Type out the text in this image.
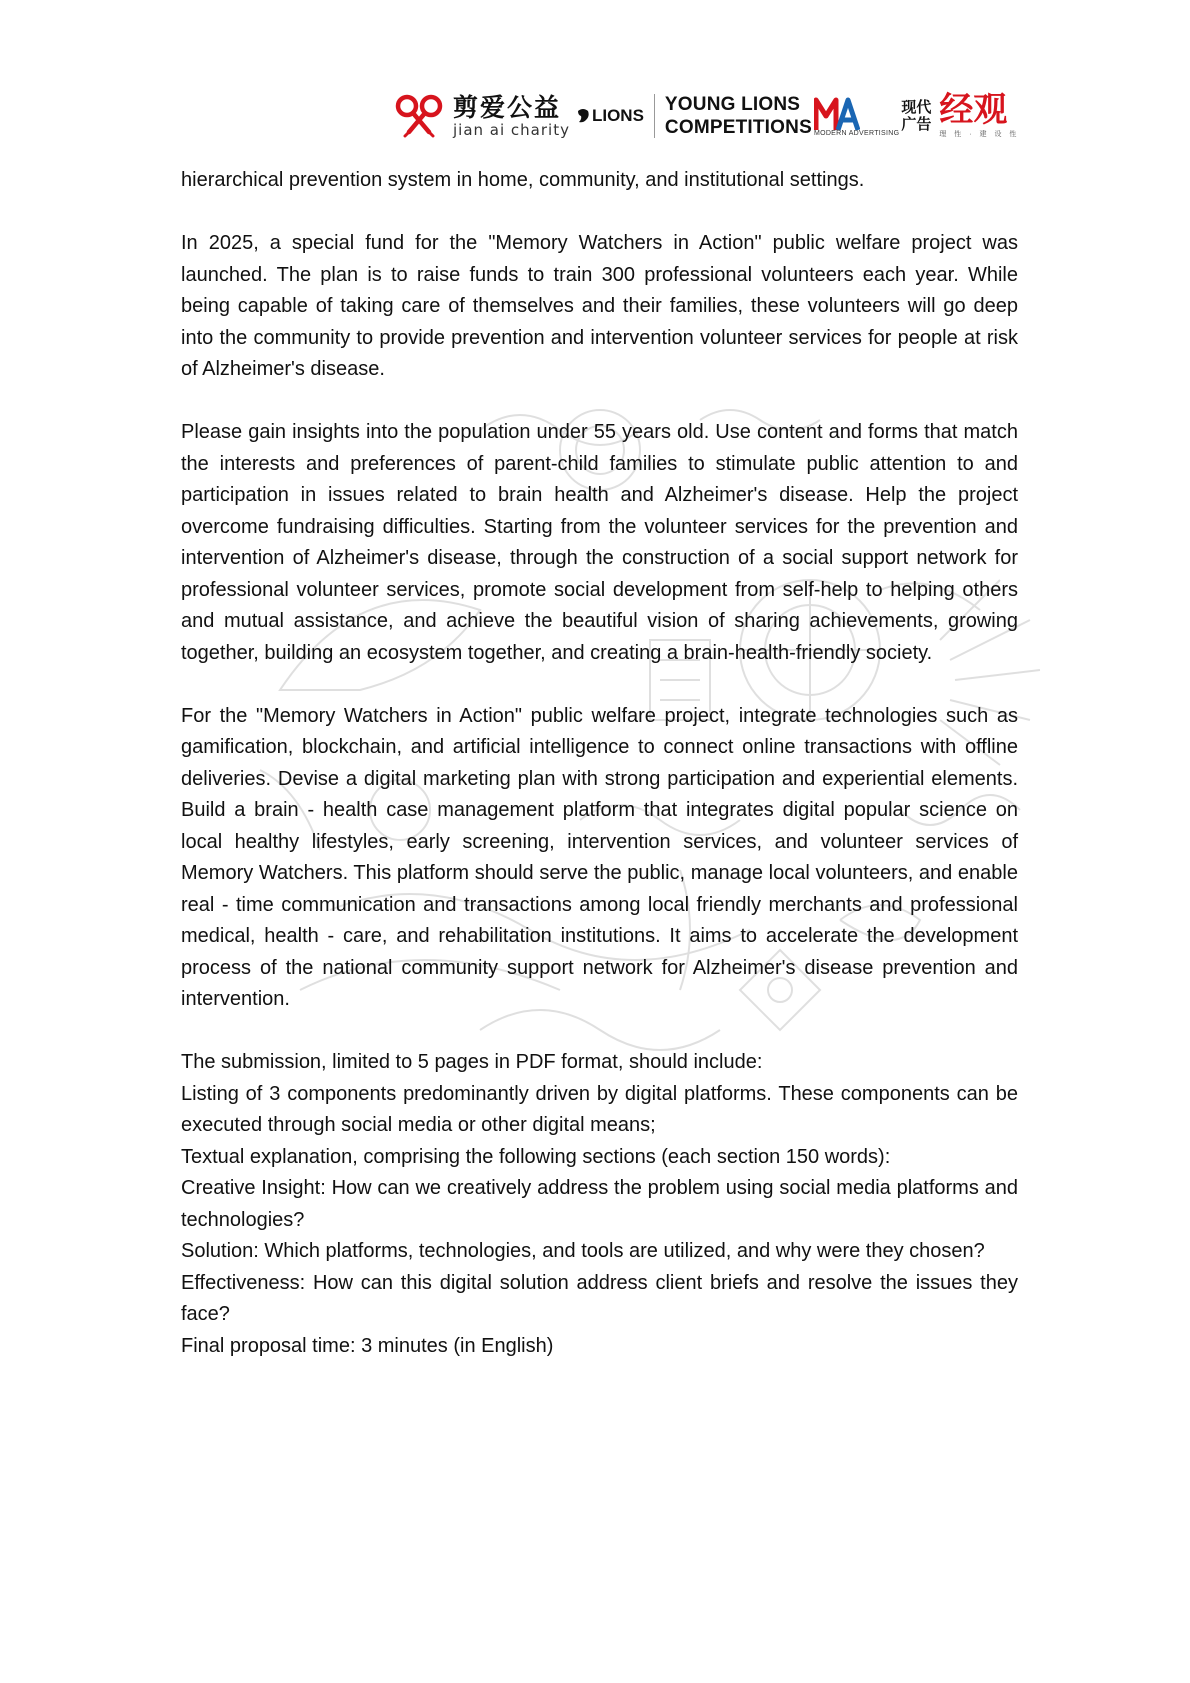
剪爱公益
jian ai charity
LIONS
YOUNG LIONS
COMPETITIONS MODERN ADVERTISING
现代广告 经观
理 性 · 建 设 性

hierarchical prevention system in home, community, and institutional settings.

In 2025, a special fund for the "Memory Watchers in Action" public welfare project was launched. The plan is to raise funds to train 300 professional volunteers each year. While being capable of taking care of themselves and their families, these volunteers will go deep into the community to provide prevention and intervention volunteer services for people at risk of Alzheimer's disease.

Please gain insights into the population under 55 years old. Use content and forms that match the interests and preferences of parent-child families to stimulate public attention to and participation in issues related to brain health and Alzheimer's disease. Help the project overcome fundraising difficulties. Starting from the volunteer services for the prevention and intervention of Alzheimer's disease, through the construction of a social support network for professional volunteer services, promote social development from self-help to helping others and mutual assistance, and achieve the beautiful vision of sharing achievements, growing together, building an ecosystem together, and creating a brain-health-friendly society.

For the "Memory Watchers in Action" public welfare project, integrate technologies such as gamification, blockchain, and artificial intelligence to connect online transactions with offline deliveries. Devise a digital marketing plan with strong participation and experiential elements. Build a brain - health case management platform that integrates digital popular science on local healthy lifestyles, early screening, intervention services, and volunteer services of Memory Watchers. This platform should serve the public, manage local volunteers, and enable real - time communication and transactions among local friendly merchants and professional medical, health - care, and rehabilitation institutions. It aims to accelerate the development process of the national community support network for Alzheimer's disease prevention and intervention.

The submission, limited to 5 pages in PDF format, should include:

Listing of 3 components predominantly driven by digital platforms. These components can be executed through social media or other digital means;

Textual explanation, comprising the following sections (each section 150 words):

Creative Insight: How can we creatively address the problem using social media platforms and technologies?

Solution: Which platforms, technologies, and tools are utilized, and why were they chosen?

Effectiveness: How can this digital solution address client briefs and resolve the issues they face?

Final proposal time: 3 minutes (in English)
